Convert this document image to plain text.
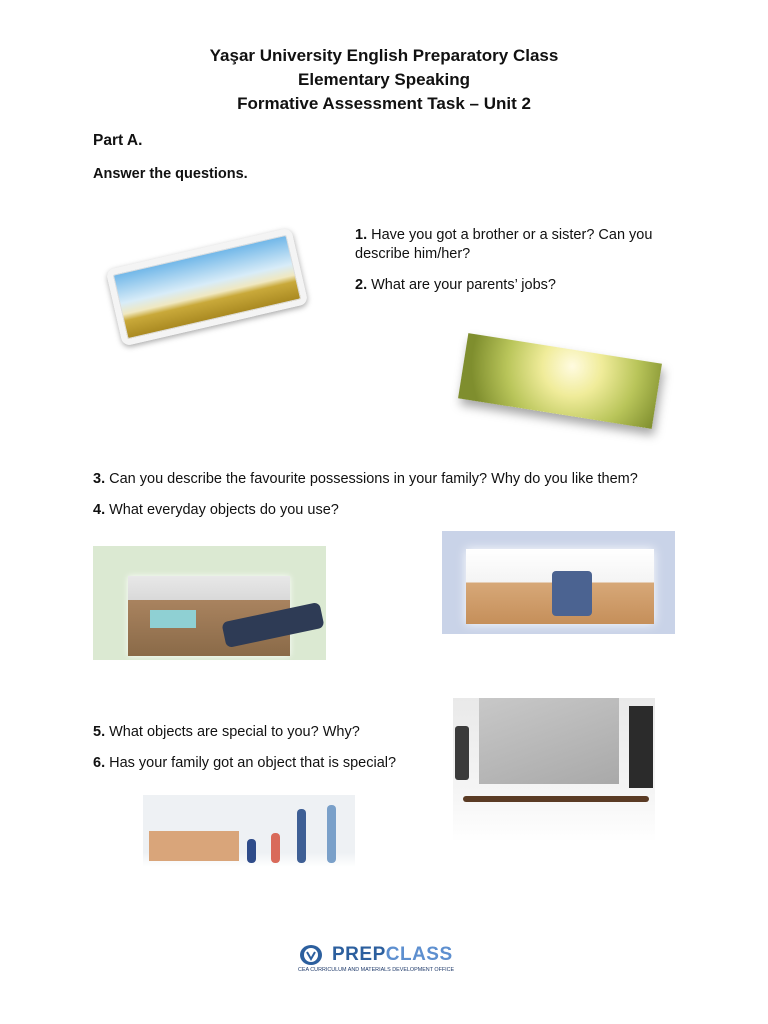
Yaşar University English Preparatory Class
Elementary Speaking
Formative Assessment Task – Unit 2
Part A.
Answer the questions.
1. Have you got a brother or a sister? Can you describe him/her?
2. What are your parents’ jobs?
3. Can you describe the favourite possessions in your family? Why do you like them?
4. What everyday objects do you use?
5. What objects are special to you? Why?
6. Has your family got an object that is special?
PREPCLASS
CEA CURRICULUM AND MATERIALS DEVELOPMENT OFFICE
